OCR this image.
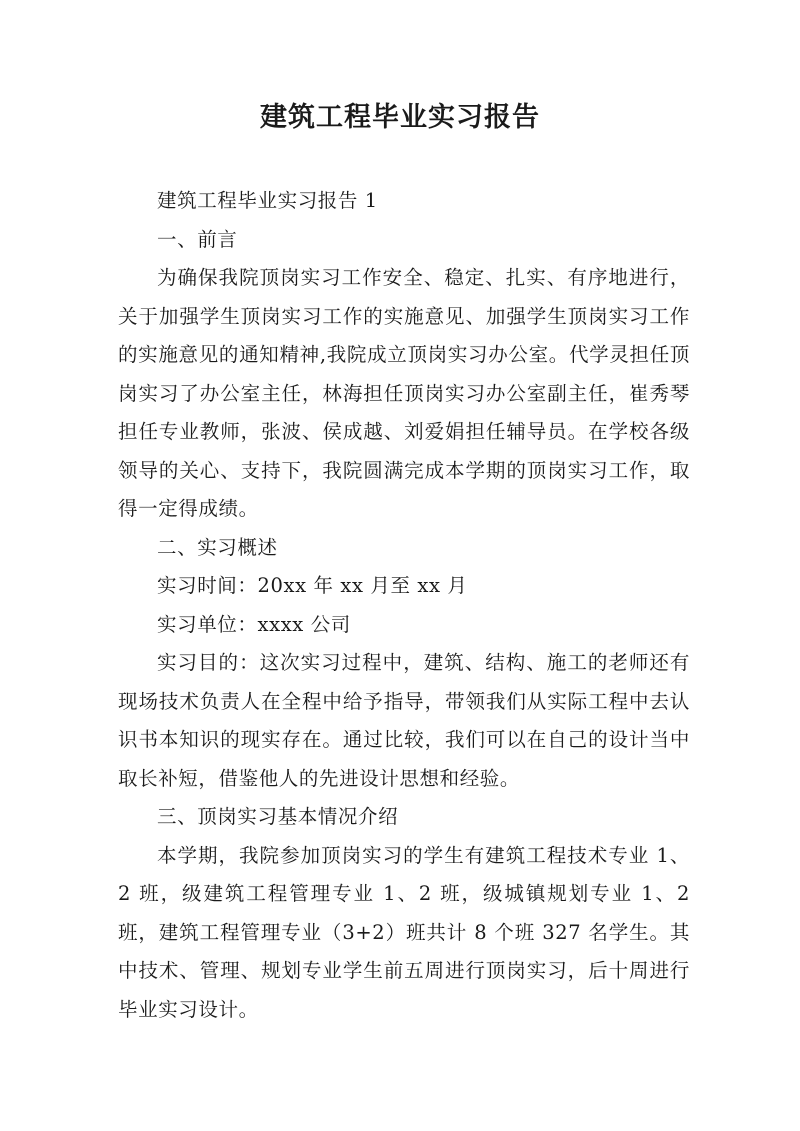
建筑工程毕业实习报告

建筑工程毕业实习报告 1

一、前言

为确保我院顶岗实习工作安全、稳定、扎实、有序地进行，关于加强学生顶岗实习工作的实施意见、加强学生顶岗实习工作的实施意见的通知精神,我院成立顶岗实习办公室。代学灵担任顶岗实习了办公室主任，林海担任顶岗实习办公室副主任，崔秀琴担任专业教师，张波、侯成越、刘爱娟担任辅导员。在学校各级领导的关心、支持下，我院圆满完成本学期的顶岗实习工作，取得一定得成绩。

二、实习概述

实习时间：20xx 年 xx 月至 xx 月

实习单位：xxxx 公司

实习目的：这次实习过程中，建筑、结构、施工的老师还有现场技术负责人在全程中给予指导，带领我们从实际工程中去认识书本知识的现实存在。通过比较，我们可以在自己的设计当中取长补短，借鉴他人的先进设计思想和经验。

三、顶岗实习基本情况介绍

本学期，我院参加顶岗实习的学生有建筑工程技术专业 1、2 班，级建筑工程管理专业 1、2 班，级城镇规划专业 1、2 班，建筑工程管理专业（3+2）班共计 8 个班 327 名学生。其中技术、管理、规划专业学生前五周进行顶岗实习，后十周进行毕业实习设计。
